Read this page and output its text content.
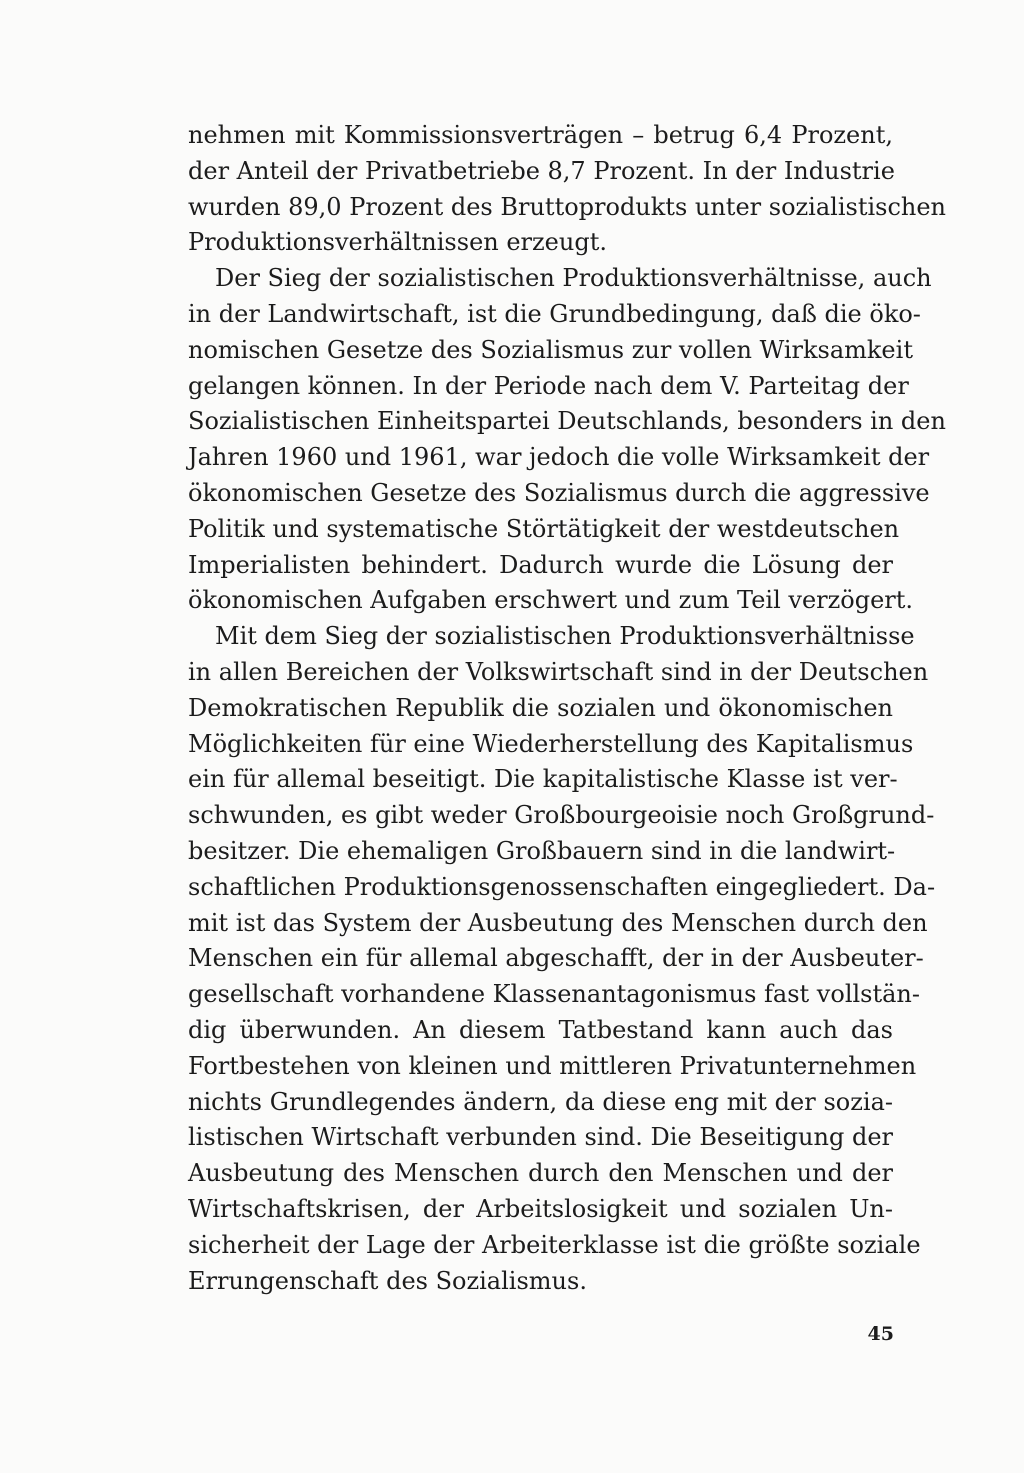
nehmen mit Kommissionsverträgen – betrug 6,4 Prozent,
der Anteil der Privatbetriebe 8,7 Prozent. In der Industrie
wurden 89,0 Prozent des Bruttoprodukts unter sozialistischen
Produktionsverhältnissen erzeugt.
Der Sieg der sozialistischen Produktionsverhältnisse, auch
in der Landwirtschaft, ist die Grundbedingung, daß die öko-
nomischen Gesetze des Sozialismus zur vollen Wirksamkeit
gelangen können. In der Periode nach dem V. Parteitag der
Sozialistischen Einheitspartei Deutschlands, besonders in den
Jahren 1960 und 1961, war jedoch die volle Wirksamkeit der
ökonomischen Gesetze des Sozialismus durch die aggressive
Politik und systematische Störtätigkeit der westdeutschen
Imperialisten behindert. Dadurch wurde die Lösung der
ökonomischen Aufgaben erschwert und zum Teil verzögert.
Mit dem Sieg der sozialistischen Produktionsverhältnisse
in allen Bereichen der Volkswirtschaft sind in der Deutschen
Demokratischen Republik die sozialen und ökonomischen
Möglichkeiten für eine Wiederherstellung des Kapitalismus
ein für allemal beseitigt. Die kapitalistische Klasse ist ver-
schwunden, es gibt weder Großbourgeoisie noch Großgrund-
besitzer. Die ehemaligen Großbauern sind in die landwirt-
schaftlichen Produktionsgenossenschaften eingegliedert. Da-
mit ist das System der Ausbeutung des Menschen durch den
Menschen ein für allemal abgeschafft, der in der Ausbeuter-
gesellschaft vorhandene Klassenantagonismus fast vollstän-
dig überwunden. An diesem Tatbestand kann auch das
Fortbestehen von kleinen und mittleren Privatunternehmen
nichts Grundlegendes ändern, da diese eng mit der sozia-
listischen Wirtschaft verbunden sind. Die Beseitigung der
Ausbeutung des Menschen durch den Menschen und der
Wirtschaftskrisen, der Arbeitslosigkeit und sozialen Un-
sicherheit der Lage der Arbeiterklasse ist die größte soziale
Errungenschaft des Sozialismus.
45
